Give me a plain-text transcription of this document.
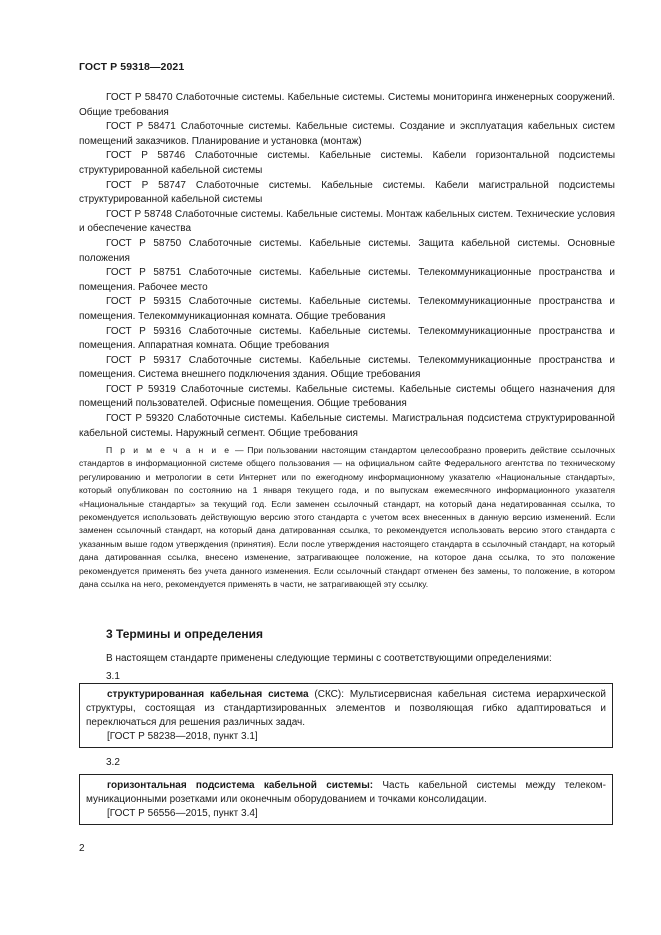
ГОСТ Р 59318—2021

ГОСТ Р 58470 Слаботочные системы. Кабельные системы. Системы мониторинга инженерных сооружений. Общие требования

ГОСТ Р 58471 Слаботочные системы. Кабельные системы. Создание и эксплуатация кабельных систем помещений заказчиков. Планирование и установка (монтаж)

ГОСТ Р 58746 Слаботочные системы. Кабельные системы. Кабели горизонтальной подсистемы структурированной кабельной системы

ГОСТ Р 58747 Слаботочные системы. Кабельные системы. Кабели магистральной подсистемы структурированной кабельной системы

ГОСТ Р 58748 Слаботочные системы. Кабельные системы. Монтаж кабельных систем. Технические условия и обеспечение качества

ГОСТ Р 58750 Слаботочные системы. Кабельные системы. Защита кабельной системы. Основные положения

ГОСТ Р 58751 Слаботочные системы. Кабельные системы. Телекоммуникационные пространства и помещения. Рабочее место

ГОСТ Р 59315 Слаботочные системы. Кабельные системы. Телекоммуникационные пространства и помещения. Телекоммуникационная комната. Общие требования

ГОСТ Р 59316 Слаботочные системы. Кабельные системы. Телекоммуникационные пространства и помещения. Аппаратная комната. Общие требования

ГОСТ Р 59317 Слаботочные системы. Кабельные системы. Телекоммуникационные пространства и помещения. Система внешнего подключения здания. Общие требования

ГОСТ Р 59319 Слаботочные системы. Кабельные системы. Кабельные системы общего назначения для помещений пользователей. Офисные помещения. Общие требования

ГОСТ Р 59320 Слаботочные системы. Кабельные системы. Магистральная подсистема структурированной кабельной системы. Наружный сегмент. Общие требования

П р и м е ч а н и е — При пользовании настоящим стандартом целесообразно проверить действие ссылочных стандартов в информационной системе общего пользования — на официальном сайте Федерального агентства по техническому регулированию и метрологии в сети Интернет или по ежегодному информационному указателю «Национальные стандарты», который опубликован по состоянию на 1 января текущего года, и по выпускам ежемесячного информационного указателя «Национальные стандарты» за текущий год. Если заменен ссылочный стандарт, на который дана недатированная ссылка, то рекомендуется использовать действующую версию этого стандарта с учетом всех внесенных в данную версию изменений. Если заменен ссылочный стандарт, на который дана датированная ссылка, то рекомендуется использовать версию этого стандарта с указанным выше годом утверждения (принятия). Если после утверждения настоящего стандарта в ссылочный стандарт, на который дана датированная ссылка, внесено изменение, затрагивающее положение, на которое дана ссылка, то это положение рекомендуется применять без учета данного изменения. Если ссылочный стандарт отменен без замены, то положение, в котором дана ссылка на него, рекомендуется применять в части, не затрагивающей эту ссылку.

3 Термины и определения

В настоящем стандарте применены следующие термины с соответствующими определениями:

3.1

структурированная кабельная система (СКС): Мультисервисная кабельная система иерархической структуры, состоящая из стандартизированных элементов и позволяющая гибко адаптироваться и переключаться для решения различных задач.

[ГОСТ Р 58238—2018, пункт 3.1]

3.2

горизонтальная подсистема кабельной системы: Часть кабельной системы между телекоммуникационными розетками или оконечным оборудованием и точками консолидации.

[ГОСТ Р 56556—2015, пункт 3.4]

2
